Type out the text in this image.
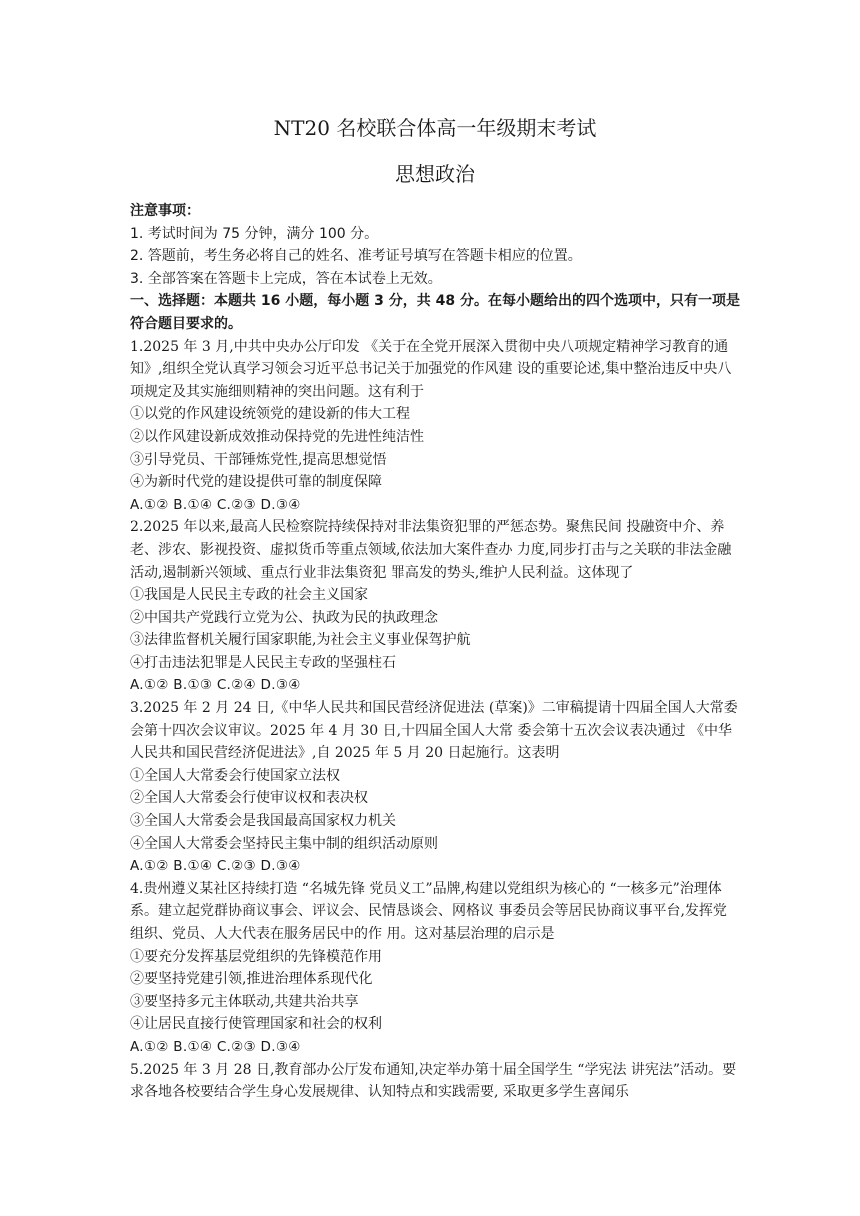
NT20 名校联合体高一年级期末考试
思想政治

注意事项：

1. 考试时间为 75 分钟，满分 100 分。

2. 答题前，考生务必将自己的姓名、准考证号填写在答题卡相应的位置。

3. 全部答案在答题卡上完成，答在本试卷上无效。

一、选择题：本题共 16 小题，每小题 3 分，共 48 分。在每小题给出的四个选项中，只有一项是符合题目要求的。

1.2025 年 3 月,中共中央办公厅印发 《关于在全党开展深入贯彻中央八项规定精神学习教育的通知》,组织全党认真学习领会习近平总书记关于加强党的作风建 设的重要论述,集中整治违反中央八项规定及其实施细则精神的突出问题。这有利于

①以党的作风建设统领党的建设新的伟大工程

②以作风建设新成效推动保持党的先进性纯洁性

③引导党员、干部锤炼党性,提高思想觉悟

④为新时代党的建设提供可靠的制度保障

A.①② B.①④ C.②③ D.③④

2.2025 年以来,最高人民检察院持续保持对非法集资犯罪的严惩态势。聚焦民间 投融资中介、养老、涉农、影视投资、虚拟货币等重点领域,依法加大案件查办 力度,同步打击与之关联的非法金融活动,遏制新兴领域、重点行业非法集资犯 罪高发的势头,维护人民利益。这体现了

①我国是人民民主专政的社会主义国家

②中国共产党践行立党为公、执政为民的执政理念

③法律监督机关履行国家职能,为社会主义事业保驾护航

④打击违法犯罪是人民民主专政的坚强柱石

A.①② B.①③ C.②④ D.③④

3.2025 年 2 月 24 日,《中华人民共和国民营经济促进法 (草案)》二审稿提请十四届全国人大常委会第十四次会议审议。2025 年 4 月 30 日,十四届全国人大常 委会第十五次会议表决通过 《中华人民共和国民营经济促进法》,自 2025 年 5 月 20 日起施行。这表明

①全国人大常委会行使国家立法权

②全国人大常委会行使审议权和表决权

③全国人大常委会是我国最高国家权力机关

④全国人大常委会坚持民主集中制的组织活动原则

A.①② B.①④ C.②③ D.③④

4.贵州遵义某社区持续打造 “名城先锋 党员义工”品牌,构建以党组织为核心的 “一核多元”治理体系。建立起党群协商议事会、评议会、民情恳谈会、网格议 事委员会等居民协商议事平台,发挥党组织、党员、人大代表在服务居民中的作 用。这对基层治理的启示是

①要充分发挥基层党组织的先锋模范作用

②要坚持党建引领,推进治理体系现代化

③要坚持多元主体联动,共建共治共享

④让居民直接行使管理国家和社会的权利

A.①② B.①④ C.②③ D.③④

5.2025 年 3 月 28 日,教育部办公厅发布通知,决定举办第十届全国学生 “学宪法 讲宪法”活动。要求各地各校要结合学生身心发展规律、认知特点和实践需要, 采取更多学生喜闻乐
